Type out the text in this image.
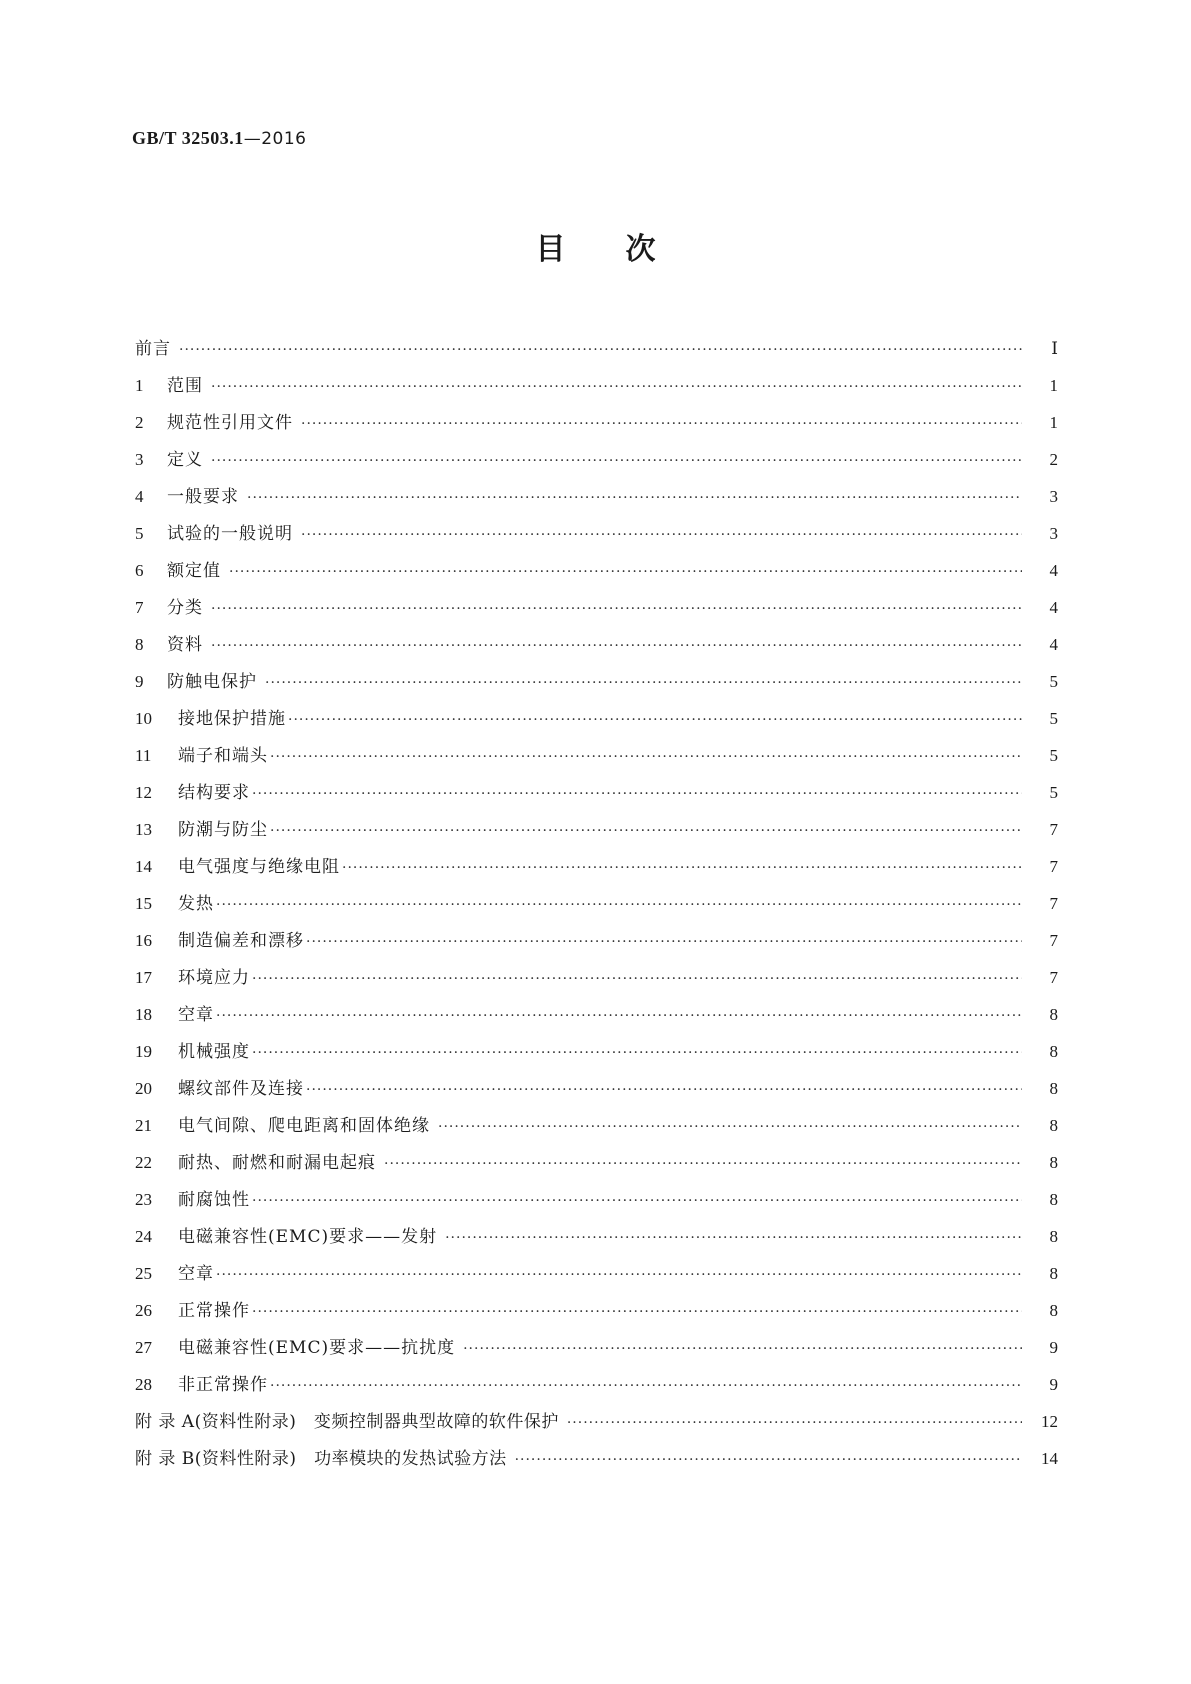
GB/T 32503.1—2016
目次
前言 ·····	Ⅰ
1	范围 ·····	1
2	规范性引用文件 ·····	1
3	定义 ·····	2
4	一般要求 ·····	3
5	试验的一般说明 ·····	3
6	额定值 ·····	4
7	分类 ·····	4
8	资料 ·····	4
9	防触电保护 ·····	5
10	接地保护措施 ·····	5
11	端子和端头 ·····	5
12	结构要求 ·····	5
13	防潮与防尘 ·····	7
14	电气强度与绝缘电阻 ·····	7
15	发热 ·····	7
16	制造偏差和漂移 ·····	7
17	环境应力 ·····	7
18	空章 ·····	8
19	机械强度 ·····	8
20	螺纹部件及连接 ·····	8
21	电气间隙、爬电距离和固体绝缘 ·····	8
22	耐热、耐燃和耐漏电起痕 ·····	8
23	耐腐蚀性 ·····	8
24	电磁兼容性(EMC)要求——发射 ·····	8
25	空章 ·····	8
26	正常操作 ·····	8
27	电磁兼容性(EMC)要求——抗扰度 ·····	9
28	非正常操作 ·····	9
附 录 A(资料性附录)　变频控制器典型故障的软件保护 ·····	12
附 录 B(资料性附录)　功率模块的发热试验方法 ·····	14
